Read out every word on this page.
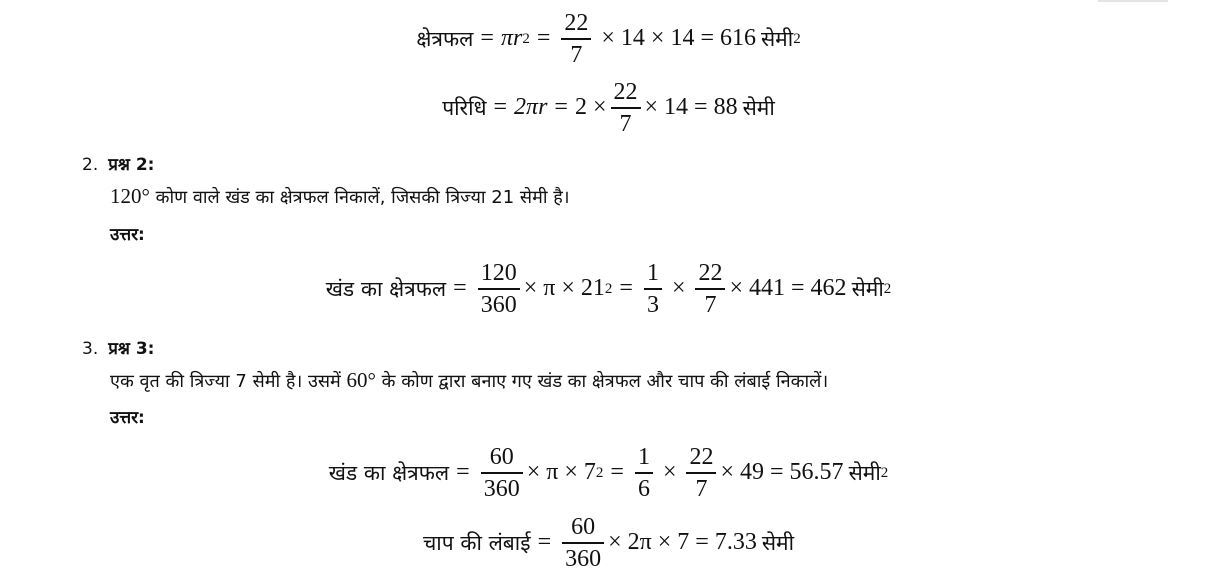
क्षेत्रफल = πr $2 = \frac{22}{7} \times 14 \times 14 = 616$ सेमी 2
परिधि = $2\pi r = 2 \times \frac{22}{7} \times 14 = 88$ सेमी
2. प्रश्न 2:
120° कोण वाले खंड का क्षेत्रफल निकालें, जिसकी त्रिज्या 21 सेमी है।
उत्तर:
खंड का क्षेत्रफल = $\frac{120}{360} \times \pi \times 21$ $2 = \frac{1}{3} \times \frac{22}{7} \times 441 = 462$ सेमी 2
3. प्रश्न 3:
एक वृत की त्रिज्या 7 सेमी है। उसमें 60° के कोण द्वारा बनाए गए खंड का क्षेत्रफल और चाप की लंबाई निकालें।
उत्तर:
खंड का क्षेत्रफल = $\frac{60}{360} \times \pi \times 7$ $2 = \frac{1}{6} \times \frac{22}{7} \times 49 = 56.57$ सेमी 2
चाप की लंबाई = $\frac{60}{360} \times 2\pi \times 7 = 7.33$ सेमी
